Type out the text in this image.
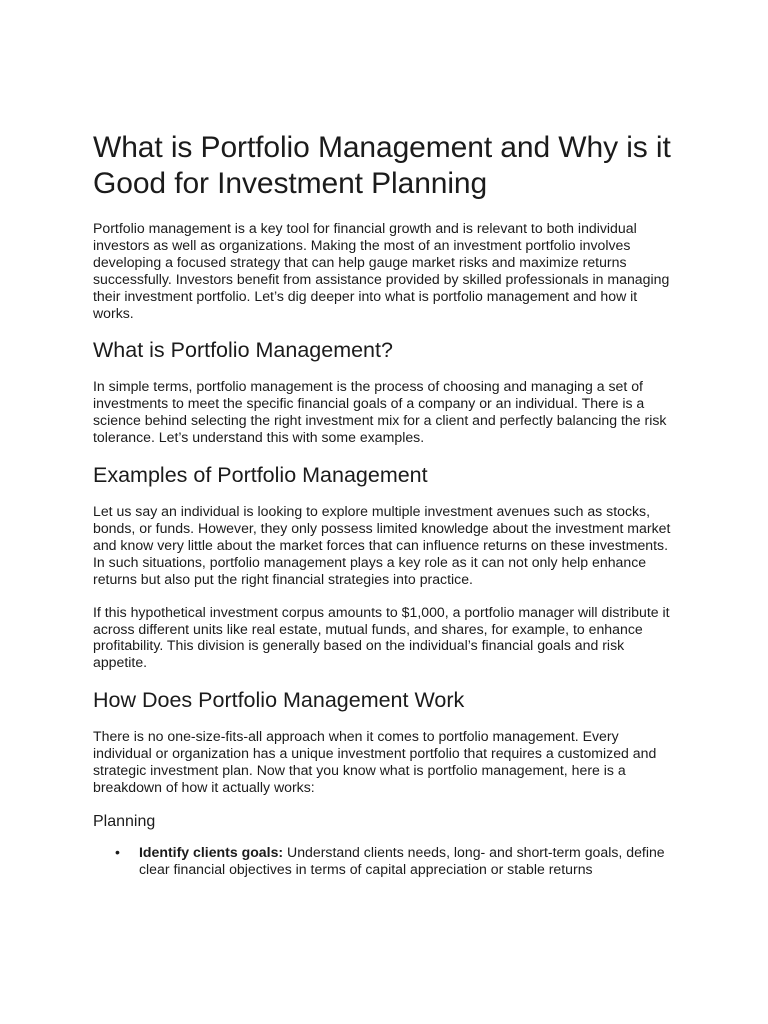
What is Portfolio Management and Why is it Good for Investment Planning

Portfolio management is a key tool for financial growth and is relevant to both individual investors as well as organizations. Making the most of an investment portfolio involves developing a focused strategy that can help gauge market risks and maximize returns successfully. Investors benefit from assistance provided by skilled professionals in managing their investment portfolio. Let’s dig deeper into what is portfolio management and how it works.

What is Portfolio Management?

In simple terms, portfolio management is the process of choosing and managing a set of investments to meet the specific financial goals of a company or an individual. There is a science behind selecting the right investment mix for a client and perfectly balancing the risk tolerance. Let’s understand this with some examples.

Examples of Portfolio Management

Let us say an individual is looking to explore multiple investment avenues such as stocks, bonds, or funds. However, they only possess limited knowledge about the investment market and know very little about the market forces that can influence returns on these investments. In such situations, portfolio management plays a key role as it can not only help enhance returns but also put the right financial strategies into practice.

If this hypothetical investment corpus amounts to $1,000, a portfolio manager will distribute it across different units like real estate, mutual funds, and shares, for example, to enhance profitability. This division is generally based on the individual’s financial goals and risk appetite.

How Does Portfolio Management Work

There is no one-size-fits-all approach when it comes to portfolio management. Every individual or organization has a unique investment portfolio that requires a customized and strategic investment plan. Now that you know what is portfolio management, here is a breakdown of how it actually works:

Planning
• Identify clients goals: Understand clients needs, long- and short-term goals, define clear financial objectives in terms of capital appreciation or stable returns
